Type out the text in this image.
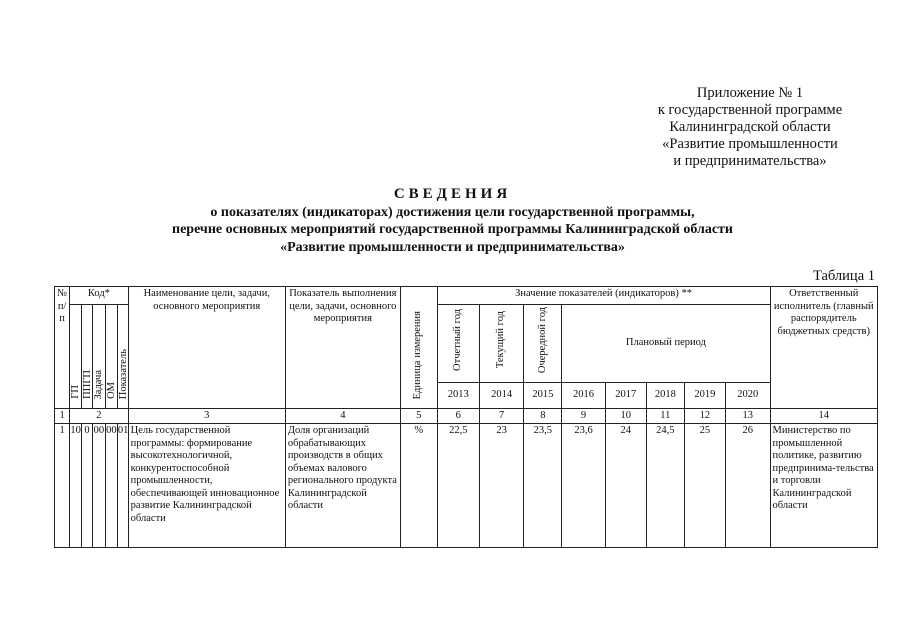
Приложение № 1
к государственной программе
Калининградской области
«Развитие промышленности
и предпринимательства»
СВЕДЕНИЯ
о показателях (индикаторах) достижения цели государственной программы,
перечне основных мероприятий государственной программы Калининградской области
«Развитие промышленности и предпринимательства»
Таблица 1
№ п/п	Код*					Наименование цели, задачи, основного мероприятия	Показатель выполнения цели, задачи, основного мероприятия	Единица измерения	Значение показателей (индикаторов) **								Ответственный исполнитель (главный распорядитель бюджетных средств)
	ГП	ППГП	Задача	ОМ	Показатель				Отчетный год	Текущий год	Очередной год	Плановый период					
									2013	2014	2015	2016	2017	2018	2019	2020	
1	2					3	4	5	6	7	8	9	10	11	12	13	14
1	10	0	00	00	01	Цель государственной программы: формирование высокотехнологичной, конкурентоспособной промышленности, обеспечивающей инновационное развитие Калининградской области	Доля организаций обрабатывающих производств в общих объемах валового регионального продукта Калининградской области	%	22,5	23	23,5	23,6	24	24,5	25	26	Министерство по промышленной политике, развитию предпринима-тельства и торговли Калининградской области
